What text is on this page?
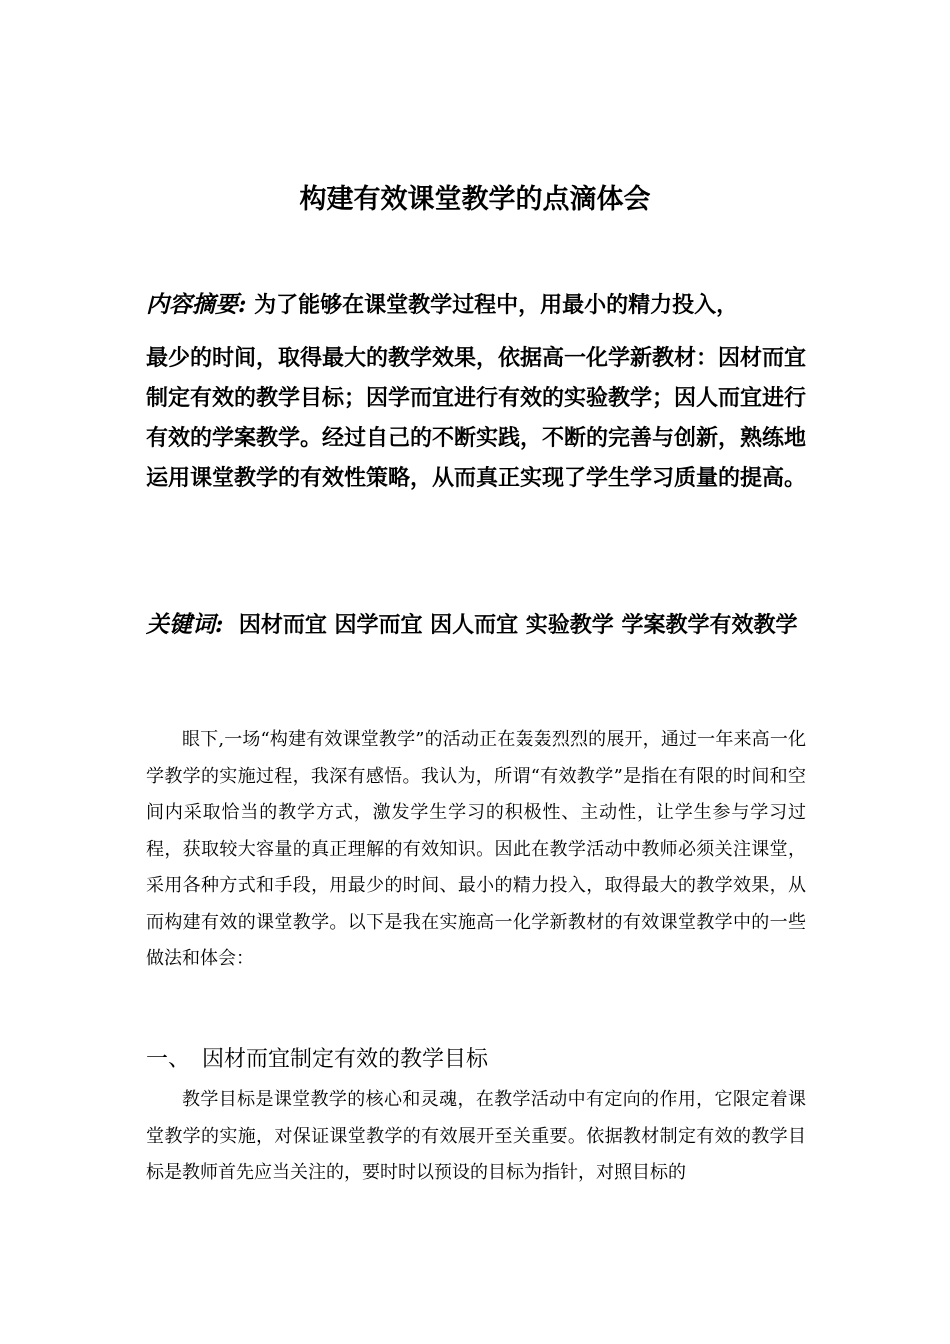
构建有效课堂教学的点滴体会
内容摘要: 为了能够在课堂教学过程中，用最小的精力投入，
最少的时间，取得最大的教学效果，依据高一化学新教材：因材而宜制定有效的教学目标；因学而宜进行有效的实验教学；因人而宜进行有效的学案教学。经过自己的不断实践，不断的完善与创新，熟练地运用课堂教学的有效性策略，从而真正实现了学生学习质量的提高。
关键词: 因材而宜 因学而宜 因人而宜 实验教学 学案教学有效教学
眼下,一场“构建有效课堂教学”的活动正在轰轰烈烈的展开，通过一年来高一化学教学的实施过程，我深有感悟。我认为，所谓“有效教学”是指在有限的时间和空间内采取恰当的教学方式，激发学生学习的积极性、主动性，让学生参与学习过程，获取较大容量的真正理解的有效知识。因此在教学活动中教师必须关注课堂，采用各种方式和手段，用最少的时间、最小的精力投入，取得最大的教学效果，从而构建有效的课堂教学。以下是我在实施高一化学新教材的有效课堂教学中的一些做法和体会：
一、 因材而宜制定有效的教学目标
教学目标是课堂教学的核心和灵魂，在教学活动中有定向的作用，它限定着课堂教学的实施，对保证课堂教学的有效展开至关重要。依据教材制定有效的教学目标是教师首先应当关注的，要时时以预设的目标为指针，对照目标的
